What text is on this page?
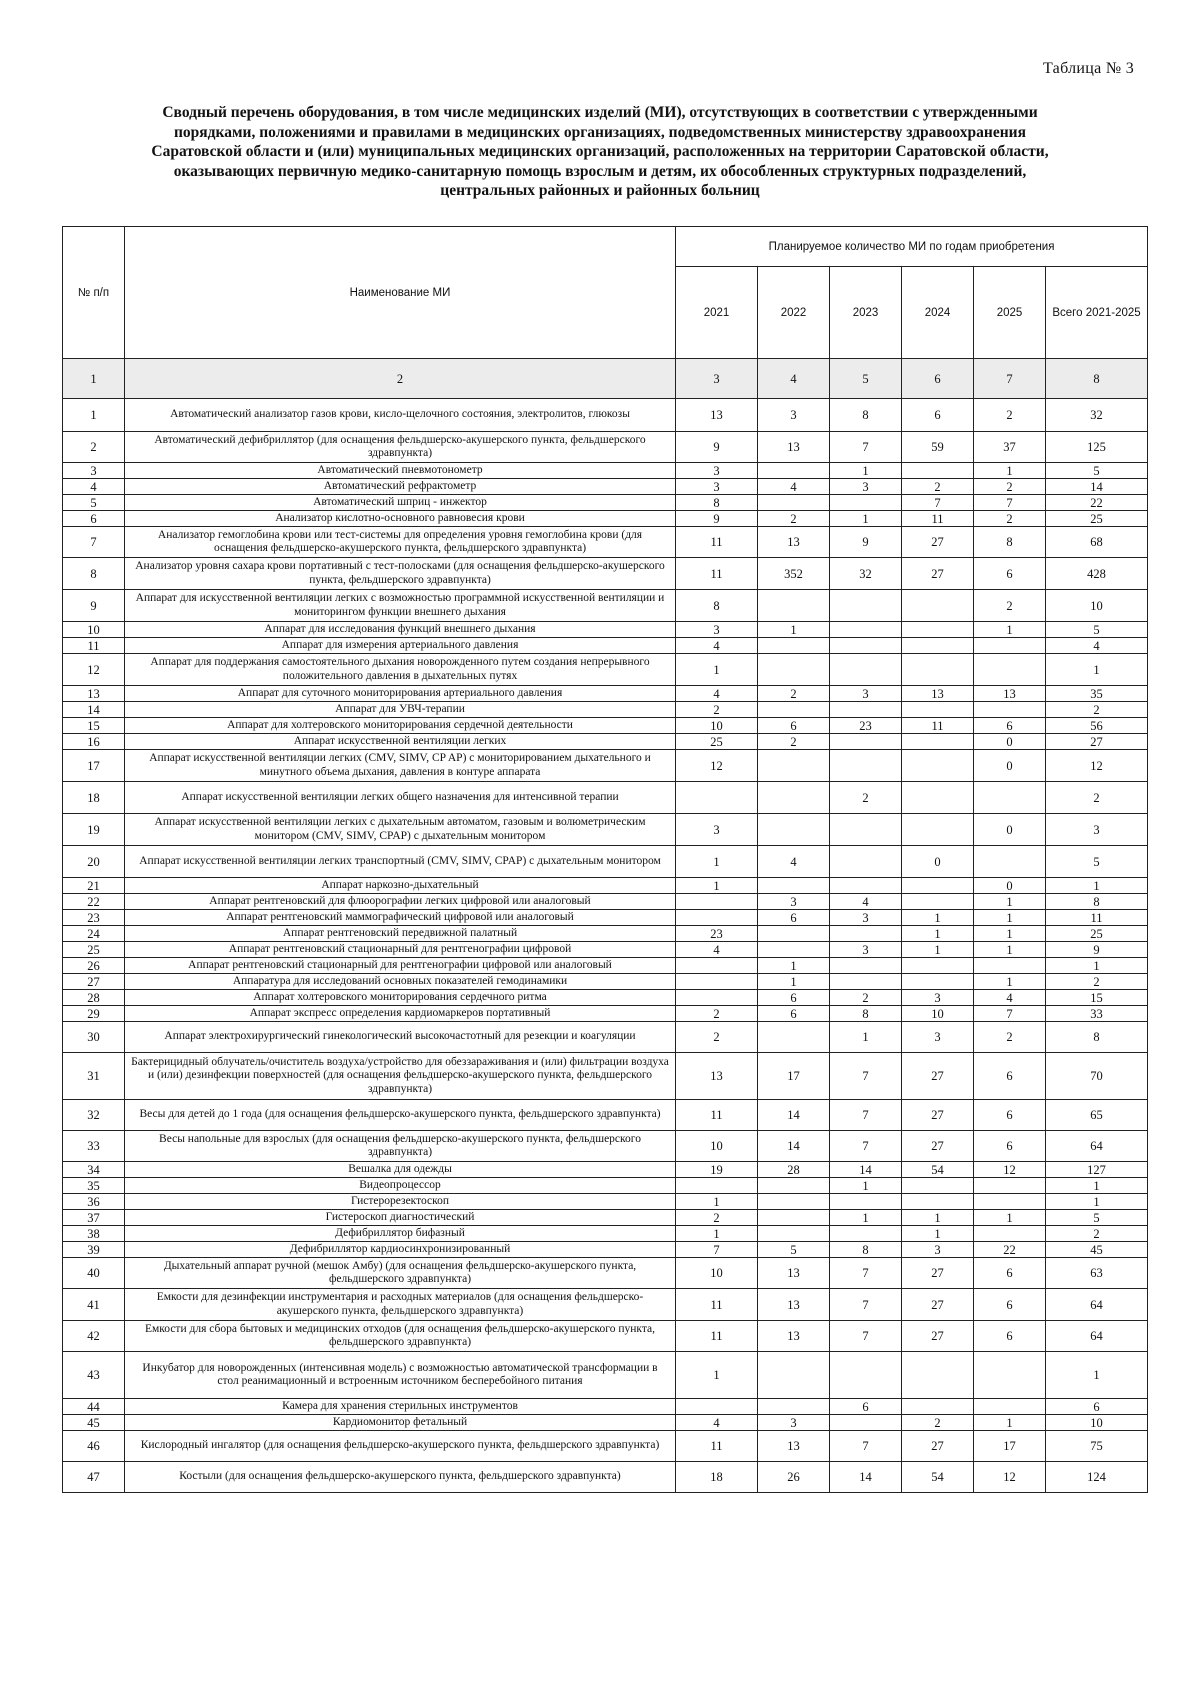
Таблица № 3
Сводный перечень оборудования, в том числе медицинских изделий (МИ), отсутствующих в соответствии с утвержденными
порядками, положениями и правилами в медицинских организациях, подведомственных министерству здравоохранения
Саратовской области и (или) муниципальных медицинских организаций, расположенных на территории Саратовской области,
оказывающих первичную медико-санитарную помощь взрослым и детям, их обособленных структурных подразделений,
центральных районных и районных больниц
№ п/п	Наименование МИ	Планируемое количество МИ по годам приобретения					
		2021	2022	2023	2024	2025	Всего 2021-2025
1	2	3	4	5	6	7	8
1	Автоматический анализатор газов крови, кисло-щелочного состояния, электролитов, глюкозы	13	3	8	6	2	32
2	Автоматический дефибриллятор (для оснащения фельдшерско-акушерского пункта, фельдшерского здравпункта)	9	13	7	59	37	125
3	Автоматический пневмотонометр	3		1		1	5
4	Автоматический рефрактометр	3	4	3	2	2	14
5	Автоматический шприц - инжектор	8			7	7	22
6	Анализатор кислотно-основного равновесия крови	9	2	1	11	2	25
7	Анализатор гемоглобина крови или тест-системы для определения уровня гемоглобина крови (для оснащения фельдшерско-акушерского пункта, фельдшерского здравпункта)	11	13	9	27	8	68
8	Анализатор уровня сахара крови портативный с тест-полосками (для оснащения фельдшерско-акушерского пункта, фельдшерского здравпункта)	11	352	32	27	6	428
9	Аппарат для искусственной вентиляции легких с возможностью программной искусственной вентиляции и мониторингом функции внешнего дыхания	8				2	10
10	Аппарат для исследования функций внешнего дыхания	3	1			1	5
11	Аппарат для измерения артериального давления	4					4
12	Аппарат для поддержания самостоятельного дыхания новорожденного путем создания непрерывного положительного давления в дыхательных путях	1					1
13	Аппарат для суточного мониторирования артериального давления	4	2	3	13	13	35
14	Аппарат для УВЧ-терапии	2					2
15	Аппарат для холтеровского мониторирования сердечной деятельности	10	6	23	11	6	56
16	Аппарат искусственной вентиляции легких	25	2			0	27
17	Аппарат искусственной вентиляции легких (CMV, SIMV, CP AP) с мониторированием дыхательного и минутного объема дыхания, давления в контуре аппарата	12				0	12
18	Аппарат искусственной вентиляции легких общего назначения для интенсивной терапии			2			2
19	Аппарат искусственной вентиляции легких с дыхательным автоматом, газовым и волюметрическим монитором (CMV, SIMV, CPAP) с дыхательным монитором	3				0	3
20	Аппарат искусственной вентиляции легких транспортный (CMV, SIMV, CPAP) с дыхательным монитором	1	4		0		5
21	Аппарат наркозно-дыхательный	1				0	1
22	Аппарат рентгеновский для флюорографии легких цифровой или аналоговый		3	4		1	8
23	Аппарат рентгеновский маммографический цифровой или аналоговый		6	3	1	1	11
24	Аппарат рентгеновский передвижной палатный	23			1	1	25
25	Аппарат рентгеновский стационарный для рентгенографии цифровой	4		3	1	1	9
26	Аппарат рентгеновский стационарный для рентгенографии цифровой или аналоговый		1				1
27	Аппаратура для исследований основных показателей гемодинамики		1			1	2
28	Аппарат холтеровского мониторирования сердечного ритма		6	2	3	4	15
29	Аппарат экспресс определения кардиомаркеров портативный	2	6	8	10	7	33
30	Аппарат электрохирургический гинекологический высокочастотный для резекции и коагуляции	2		1	3	2	8
31	Бактерицидный облучатель/очиститель воздуха/устройство для обеззараживания и (или) фильтрации воздуха и (или) дезинфекции поверхностей (для оснащения фельдшерско-акушерского пункта, фельдшерского здравпункта)	13	17	7	27	6	70
32	Весы для детей до 1 года (для оснащения фельдшерско-акушерского пункта, фельдшерского здравпункта)	11	14	7	27	6	65
33	Весы напольные для взрослых (для оснащения фельдшерско-акушерского пункта, фельдшерского здравпункта)	10	14	7	27	6	64
34	Вешалка для одежды	19	28	14	54	12	127
35	Видеопроцессор			1			1
36	Гистерорезектоскоп	1					1
37	Гистероскоп диагностический	2		1	1	1	5
38	Дефибриллятор бифазный	1			1		2
39	Дефибриллятор кардиосинхронизированный	7	5	8	3	22	45
40	Дыхательный аппарат ручной (мешок Амбу) (для оснащения фельдшерско-акушерского пункта, фельдшерского здравпункта)	10	13	7	27	6	63
41	Емкости для дезинфекции инструментария и расходных материалов (для оснащения фельдшерско-акушерского пункта, фельдшерского здравпункта)	11	13	7	27	6	64
42	Емкости для сбора бытовых и медицинских отходов (для оснащения фельдшерско-акушерского пункта, фельдшерского здравпункта)	11	13	7	27	6	64
43	Инкубатор для новорожденных (интенсивная модель) с возможностью автоматической трансформации в стол реанимационный и встроенным источником бесперебойного питания	1					1
44	Камера для хранения стерильных инструментов			6			6
45	Кардиомонитор фетальный	4	3		2	1	10
46	Кислородный ингалятор (для оснащения фельдшерско-акушерского пункта, фельдшерского здравпункта)	11	13	7	27	17	75
47	Костыли (для оснащения фельдшерско-акушерского пункта, фельдшерского здравпункта)	18	26	14	54	12	124
